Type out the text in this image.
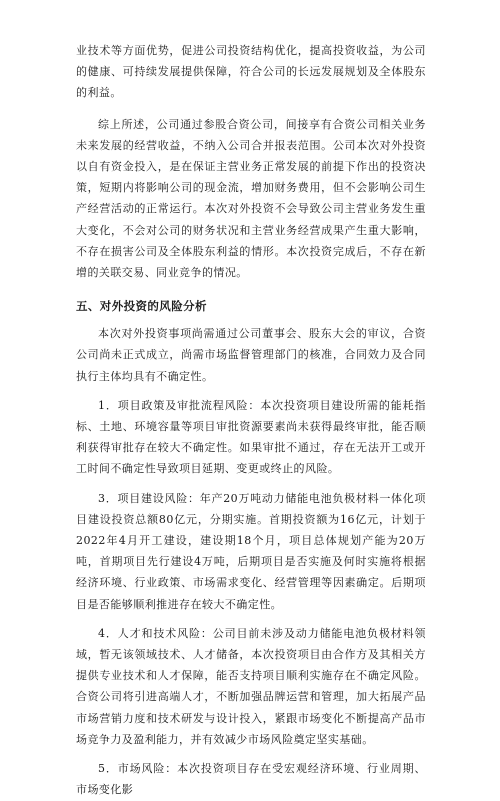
业技术等方面优势，促进公司投资结构优化，提高投资收益，为公司的健康、可持续发展提供保障，符合公司的长远发展规划及全体股东的利益。

综上所述，公司通过参股合资公司，间接享有合资公司相关业务未来发展的经营收益，不纳入公司合并报表范围。公司本次对外投资以自有资金投入，是在保证主营业务正常发展的前提下作出的投资决策，短期内将影响公司的现金流，增加财务费用，但不会影响公司生产经营活动的正常运行。本次对外投资不会导致公司主营业务发生重大变化，不会对公司的财务状况和主营业务经营成果产生重大影响，不存在损害公司及全体股东利益的情形。本次投资完成后，不存在新增的关联交易、同业竞争的情况。

五、对外投资的风险分析

本次对外投资事项尚需通过公司董事会、股东大会的审议，合资公司尚未正式成立，尚需市场监督管理部门的核准，合同效力及合同执行主体均具有不确定性。

1．项目政策及审批流程风险：本次投资项目建设所需的能耗指标、土地、环境容量等项目审批资源要素尚未获得最终审批，能否顺利获得审批存在较大不确定性。如果审批不通过，存在无法开工或开工时间不确定性导致项目延期、变更或终止的风险。

3．项目建设风险：年产20万吨动力储能电池负极材料一体化项目建设投资总额80亿元，分期实施。首期投资额为16亿元，计划于2022年4月开工建设，建设期18个月，项目总体规划产能为20万吨，首期项目先行建设4万吨，后期项目是否实施及何时实施将根据经济环境、行业政策、市场需求变化、经营管理等因素确定。后期项目是否能够顺利推进存在较大不确定性。

4．人才和技术风险：公司目前未涉及动力储能电池负极材料领域，暂无该领域技术、人才储备，本次投资项目由合作方及其相关方提供专业技术和人才保障，能否支持项目顺利实施存在不确定风险。合资公司将引进高端人才，不断加强品牌运营和管理，加大拓展产品市场营销力度和技术研发与设计投入，紧跟市场变化不断提高产品市场竞争力及盈利能力，并有效减少市场风险奠定坚实基础。

5．市场风险：本次投资项目存在受宏观经济环境、行业周期、市场变化影
